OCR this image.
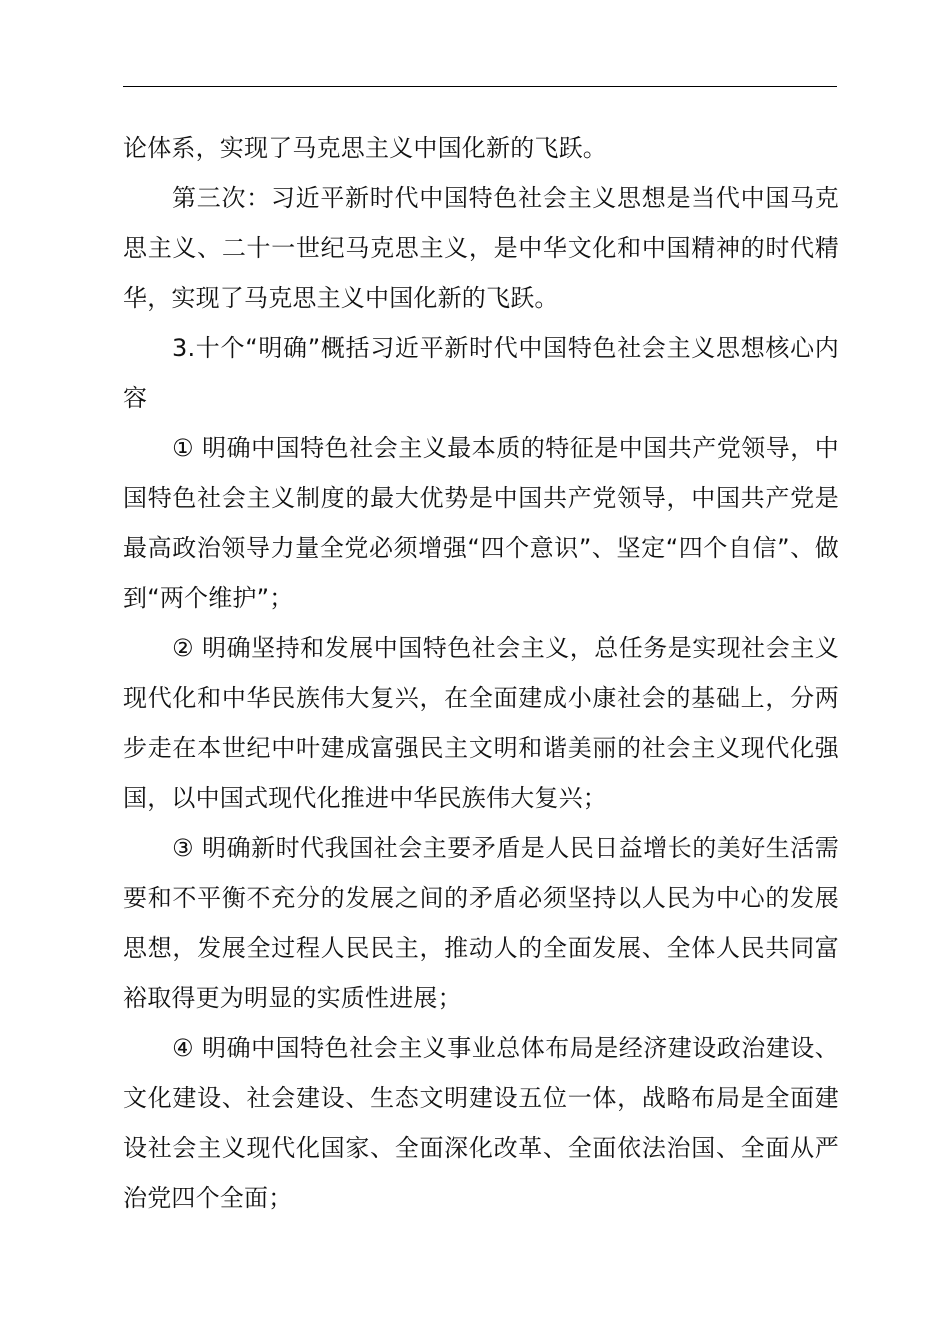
论体系，实现了马克思主义中国化新的飞跃。

第三次：习近平新时代中国特色社会主义思想是当代中国马克思主义、二十一世纪马克思主义，是中华文化和中国精神的时代精华，实现了马克思主义中国化新的飞跃。

3.十个“明确”概括习近平新时代中国特色社会主义思想核心内容

① 明确中国特色社会主义最本质的特征是中国共产党领导，中国特色社会主义制度的最大优势是中国共产党领导，中国共产党是最高政治领导力量全党必须增强“四个意识”、坚定“四个自信”、做到“两个维护”；

② 明确坚持和发展中国特色社会主义，总任务是实现社会主义现代化和中华民族伟大复兴，在全面建成小康社会的基础上，分两步走在本世纪中叶建成富强民主文明和谐美丽的社会主义现代化强国，以中国式现代化推进中华民族伟大复兴；

③ 明确新时代我国社会主要矛盾是人民日益增长的美好生活需要和不平衡不充分的发展之间的矛盾必须坚持以人民为中心的发展思想，发展全过程人民民主，推动人的全面发展、全体人民共同富裕取得更为明显的实质性进展；

④ 明确中国特色社会主义事业总体布局是经济建设政治建设、文化建设、社会建设、生态文明建设五位一体，战略布局是全面建设社会主义现代化国家、全面深化改革、全面依法治国、全面从严治党四个全面；
